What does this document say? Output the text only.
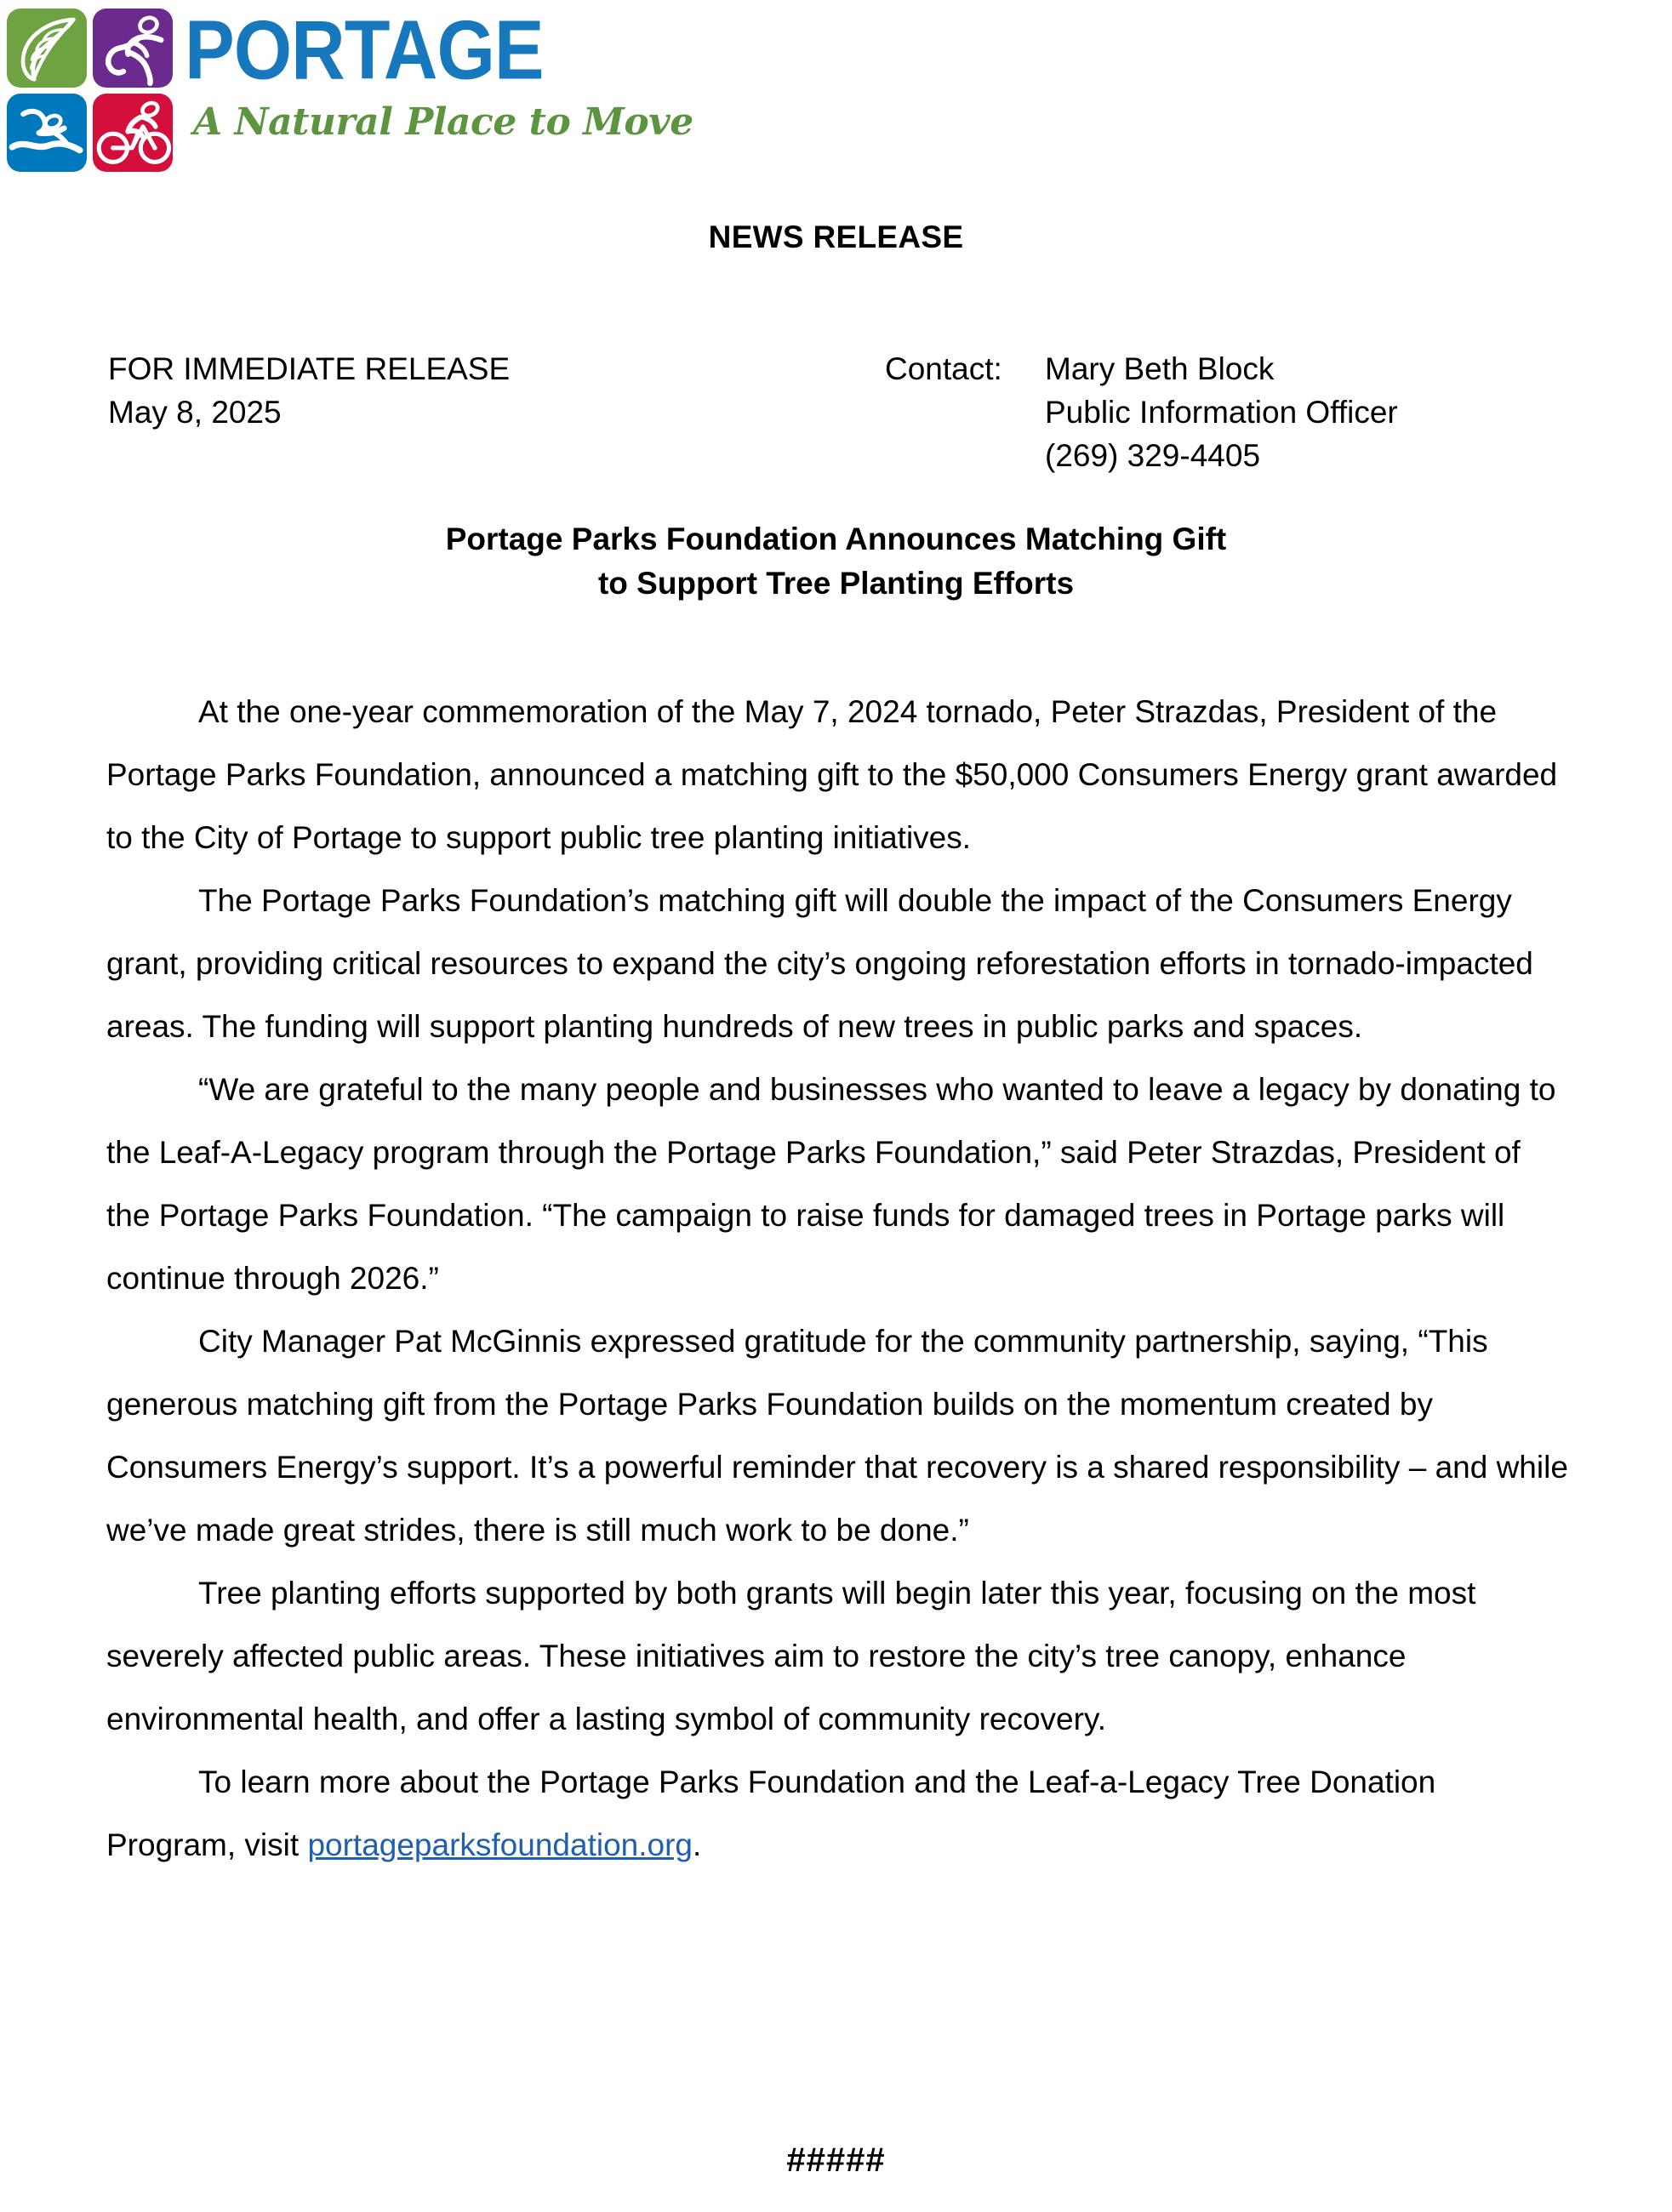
PORTAGE
A Natural Place to Move
NEWS RELEASE
FOR IMMEDIATE RELEASE
May 8, 2025
Contact:	Mary Beth Block
Public Information Officer
(269) 329-4405
Portage Parks Foundation Announces Matching Gift
to Support Tree Planting Efforts

At the one-year commemoration of the May 7, 2024 tornado, Peter Strazdas, President of the Portage Parks Foundation, announced a matching gift to the $50,000 Consumers Energy grant awarded to the City of Portage to support public tree planting initiatives.

The Portage Parks Foundation’s matching gift will double the impact of the Consumers Energy grant, providing critical resources to expand the city’s ongoing reforestation efforts in tornado-impacted areas. The funding will support planting hundreds of new trees in public parks and spaces.

“We are grateful to the many people and businesses who wanted to leave a legacy by donating to the Leaf-A-Legacy program through the Portage Parks Foundation,” said Peter Strazdas, President of the Portage Parks Foundation. “The campaign to raise funds for damaged trees in Portage parks will continue through 2026.”

City Manager Pat McGinnis expressed gratitude for the community partnership, saying, “This generous matching gift from the Portage Parks Foundation builds on the momentum created by Consumers Energy’s support. It’s a powerful reminder that recovery is a shared responsibility – and while we’ve made great strides, there is still much work to be done.”

Tree planting efforts supported by both grants will begin later this year, focusing on the most severely affected public areas. These initiatives aim to restore the city’s tree canopy, enhance environmental health, and offer a lasting symbol of community recovery.

To learn more about the Portage Parks Foundation and the Leaf-a-Legacy Tree Donation Program, visit portageparksfoundation.org.

#####
